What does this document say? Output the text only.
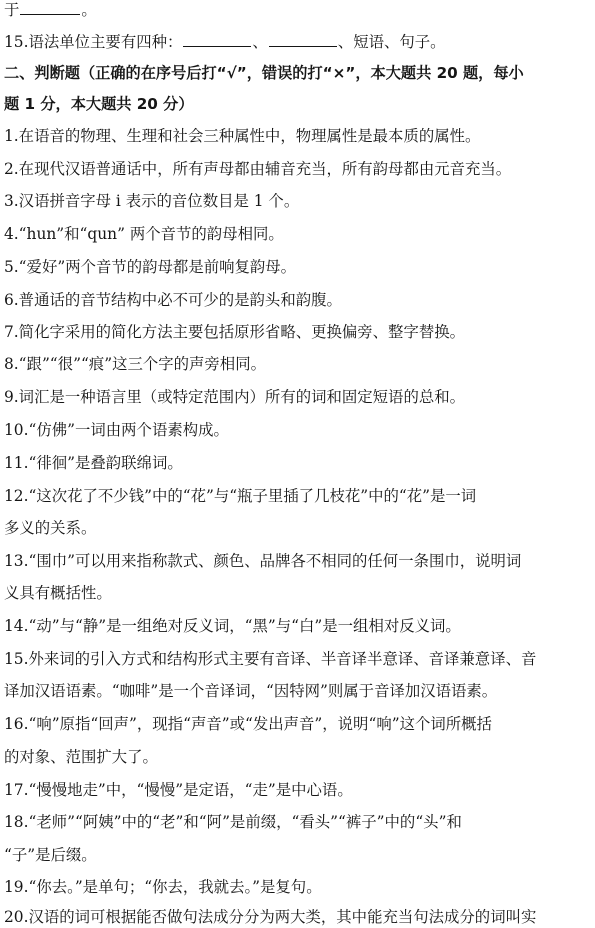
于	。
15.语法单位主要有四种：	、	、短语、句子。
二、判断题（正确的在序号后打“√”，错误的打“×”，本大题共 20 题，每小
题 1 分，本大题共 20 分）
1.在语音的物理、生理和社会三种属性中，物理属性是最本质的属性。
2.在现代汉语普通话中，所有声母都由辅音充当，所有韵母都由元音充当。
3.汉语拼音字母 i 表示的音位数目是 1 个。
4.“hun”和“qun” 两个音节的韵母相同。
5.“爱好”两个音节的韵母都是前响复韵母。
6.普通话的音节结构中必不可少的是韵头和韵腹。
7.简化字采用的简化方法主要包括原形省略、更换偏旁、整字替换。
8.“跟”“很”“痕”这三个字的声旁相同。
9.词汇是一种语言里（或特定范围内）所有的词和固定短语的总和。
10.“仿佛”一词由两个语素构成。
11.“徘徊”是叠韵联绵词。
12.“这次花了不少钱”中的“花”与“瓶子里插了几枝花”中的“花”是一词
多义的关系。
13.“围巾”可以用来指称款式、颜色、品牌各不相同的任何一条围巾，说明词
义具有概括性。
14.“动”与“静”是一组绝对反义词，“黑”与“白”是一组相对反义词。
15.外来词的引入方式和结构形式主要有音译、半音译半意译、音译兼意译、音
译加汉语语素。“咖啡”是一个音译词，“因特网”则属于音译加汉语语素。
16.“响”原指“回声”，现指“声音”或“发出声音”，说明“响”这个词所概括
的对象、范围扩大了。
17.“慢慢地走”中，“慢慢”是定语，“走”是中心语。
18.“老师”“阿姨”中的“老”和“阿”是前缀，“看头”“裤子”中的“头”和
“子”是后缀。
19.“你去。”是单句；“你去，我就去。”是复句。
20.汉语的词可根据能否做句法成分分为两大类，其中能充当句法成分的词叫实
